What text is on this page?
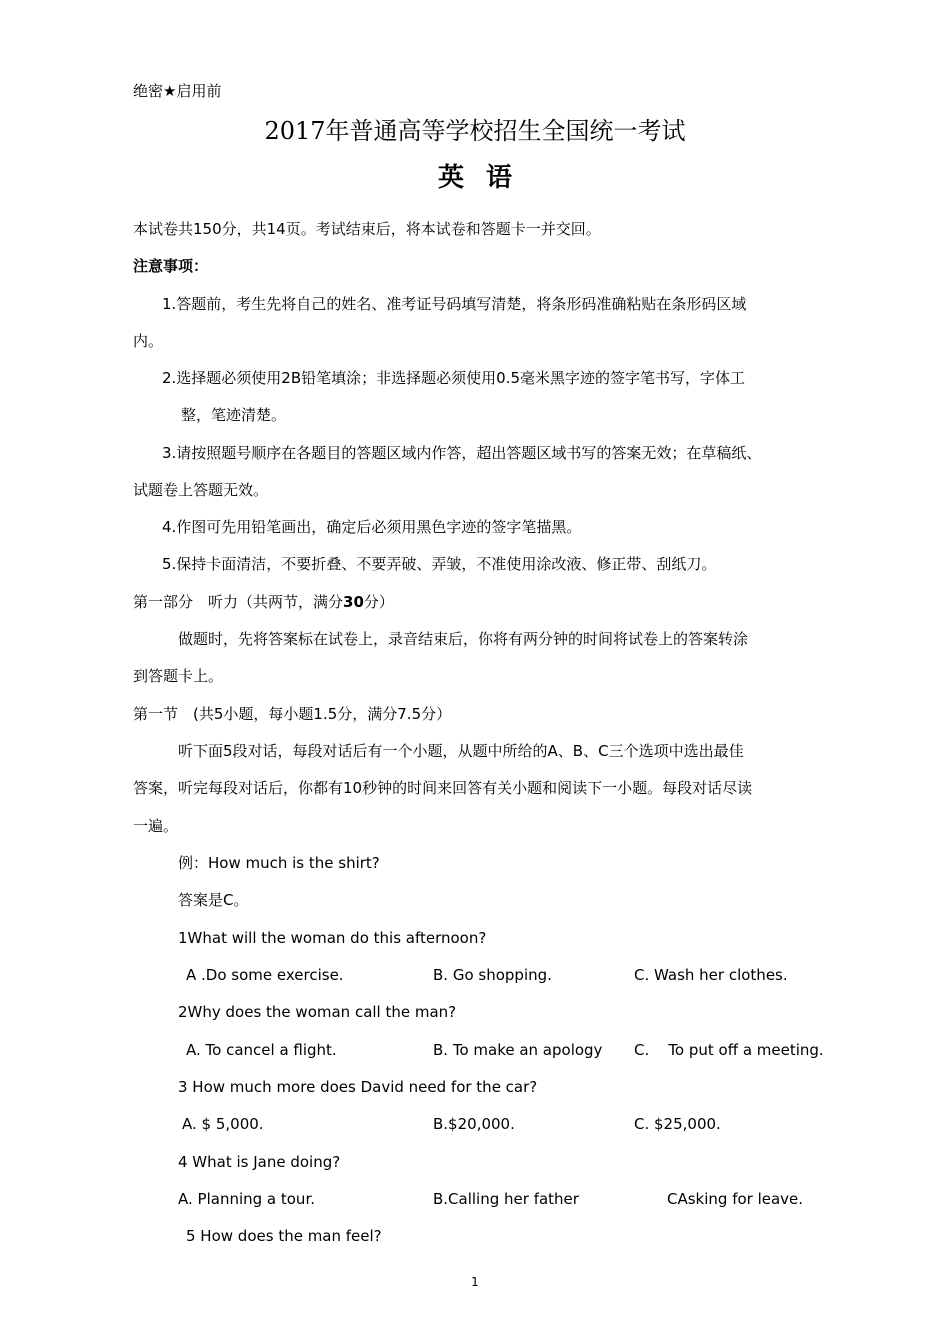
绝密★启用前
2017年普通高等学校招生全国统一考试
英语
本试卷共150分，共14页。考试结束后，将本试卷和答题卡一并交回。
注意事项：
1.答题前，考生先将自己的姓名、准考证号码填写清楚，将条形码准确粘贴在条形码区域
内。
2.选择题必须使用2B铅笔填涂；非选择题必须使用0.5毫米黑字迹的签字笔书写，字体工
整，笔迹清楚。
3.请按照题号顺序在各题目的答题区域内作答，超出答题区域书写的答案无效；在草稿纸、
试题卷上答题无效。
4.作图可先用铅笔画出，确定后必须用黑色字迹的签字笔描黑。
5.保持卡面清洁，不要折叠、不要弄破、弄皱，不准使用涂改液、修正带、刮纸刀。
第一部分　听力（共两节，满分30分）
做题时，先将答案标在试卷上，录音结束后，你将有两分钟的时间将试卷上的答案转涂
到答题卡上。
第一节　(共5小题，每小题1.5分，满分7.5分）
听下面5段对话，每段对话后有一个小题，从题中所给的A、B、C三个选项中选出最佳
答案，听完每段对话后，你都有10秒钟的时间来回答有关小题和阅读下一小题。每段对话尽读
一遍。
例：How much is the shirt?
答案是C。
1What will the woman do this afternoon?
A .Do some exercise.	B. Go shopping.	C. Wash her clothes.
2Why does the woman call the man?
A. To cancel a flight.	B. To make an apology C.    To put off a meeting.
3 How much more does David need for the car?
A. $ 5,000.	B.$20,000.	C. $25,000.
4 What is Jane doing?
A. Planning a tour.	B.Calling her father	CAsking for leave.
5 How does the man feel?
1
